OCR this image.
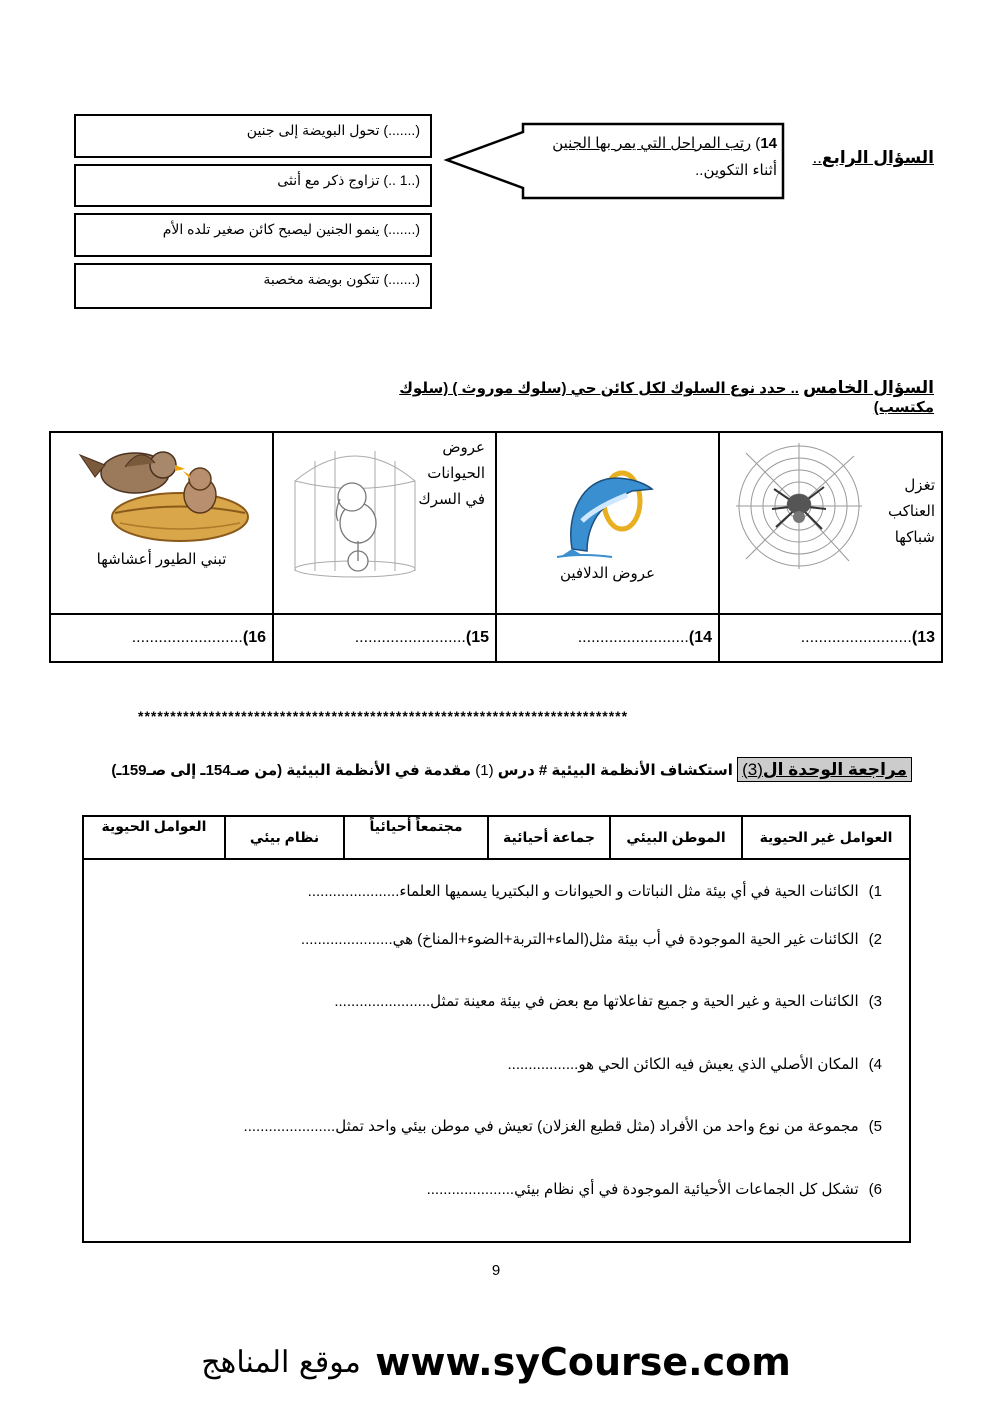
السؤال الرابع..
14) رتب المراحل التي يمر بها الجنين
أثناء التكوين..
(.......) تحول البويضة إلى جنين
(..1 ..) تزاوج ذكر مع أنثى
(.......) ينمو الجنين ليصبح كائن صغير تلده الأم
(.......) تتكون بويضة مخصبة
السؤال الخامس .. حدد نوع السلوك لكل كائن حي (سلوك موروث ) (سلوك مكتسب)
تغزل العناكب شباكها	عروض الدلافين	عروض الحيوانات في السرك	تبني الطيور أعشاشها

13).........................	14).........................	15).........................	16).........................
****************************************************************************
مراجعة الوحدة ال(3) استكشاف الأنظمة البيئية # درس (1) مقدمة في الأنظمة البيئية (من صـ154ـ إلى صـ159ـ)
العوامل غير الحيوية	الموطن البيئي	جماعة أحيائية	مجتمعاً أحيائياً	نظام بيئي	العوامل الحيوية
1)الكائنات الحية في أي بيئة مثل النباتات و الحيوانات و البكتيريا يسميها العلماء......................
2)الكائنات غير الحية الموجودة في أب بيئة مثل(الماء+التربة+الضوء+المناخ) هي......................
3)الكائنات الحية و غير الحية و جميع تفاعلاتها مع بعض في بيئة معينة تمثل.......................
4)المكان الأصلي الذي يعيش فيه الكائن الحي هو.................
5)مجموعة من نوع واحد من الأفراد (مثل قطيع الغزلان) تعيش في موطن بيئي واحد تمثل......................
6)تشكل كل الجماعات الأحيائية الموجودة في أي نظام بيئي.....................
9
موقع المناهج www.syCourse.com
